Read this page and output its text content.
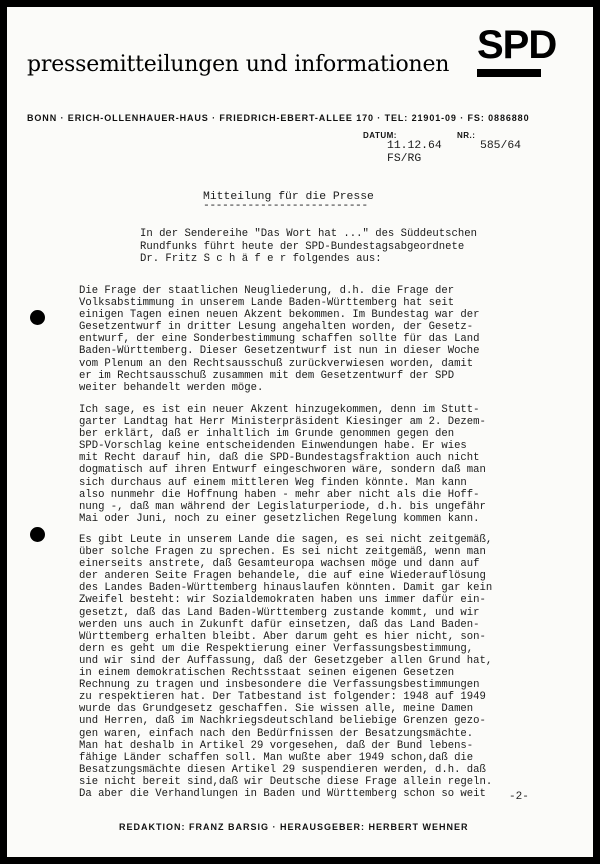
pressemitteilungen und informationen SPD
BONN · ERICH-OLLENHAUER-HAUS · FRIEDRICH-EBERT-ALLEE 170 · TEL: 21901-09 · FS: 0886880
DATUM:
11.12.64
NR.:
585/64
FS/RG
Mitteilung für die Presse
--------------------------
In der Sendereihe "Das Wort hat ..." des Süddeutschen
Rundfunks führt heute der SPD-Bundestagsabgeordnete
Dr. Fritz S c h ä f e r folgendes aus:
Die Frage der staatlichen Neugliederung, d.h. die Frage der
Volksabstimmung in unserem Lande Baden-Württemberg hat seit
einigen Tagen einen neuen Akzent bekommen. Im Bundestag war der
Gesetzentwurf in dritter Lesung angehalten worden, der Gesetz-
entwurf, der eine Sonderbestimmung schaffen sollte für das Land
Baden-Württemberg. Dieser Gesetzentwurf ist nun in dieser Woche
vom Plenum an den Rechtsausschuß zurückverwiesen worden, damit
er im Rechtsausschuß zusammen mit dem Gesetzentwurf der SPD
weiter behandelt werden möge.
Ich sage, es ist ein neuer Akzent hinzugekommen, denn im Stutt-
garter Landtag hat Herr Ministerpräsident Kiesinger am 2. Dezem-
ber erklärt, daß er inhaltlich im Grunde genommen gegen den
SPD-Vorschlag keine entscheidenden Einwendungen habe. Er wies
mit Recht darauf hin, daß die SPD-Bundestagsfraktion auch nicht
dogmatisch auf ihren Entwurf eingeschworen wäre, sondern daß man
sich durchaus auf einem mittleren Weg finden könnte. Man kann
also nunmehr die Hoffnung haben - mehr aber nicht als die Hoff-
nung -, daß man während der Legislaturperiode, d.h. bis ungefähr
Mai oder Juni, noch zu einer gesetzlichen Regelung kommen kann.
Es gibt Leute in unserem Lande die sagen, es sei nicht zeitgemäß,
über solche Fragen zu sprechen. Es sei nicht zeitgemäß, wenn man
einerseits anstrete, daß Gesamteuropa wachsen möge und dann auf
der anderen Seite Fragen behandele, die auf eine Wiederauflösung
des Landes Baden-Württemberg hinauslaufen könnten. Damit gar kein
Zweifel besteht: wir Sozialdemokraten haben uns immer dafür ein-
gesetzt, daß das Land Baden-Württemberg zustande kommt, und wir
werden uns auch in Zukunft dafür einsetzen, daß das Land Baden-
Württemberg erhalten bleibt. Aber darum geht es hier nicht, son-
dern es geht um die Respektierung einer Verfassungsbestimmung,
und wir sind der Auffassung, daß der Gesetzgeber allen Grund hat,
in einem demokratischen Rechtsstaat seinen eigenen Gesetzen
Rechnung zu tragen und insbesondere die Verfassungsbestimmungen
zu respektieren hat. Der Tatbestand ist folgender: 1948 auf 1949
wurde das Grundgesetz geschaffen. Sie wissen alle, meine Damen
und Herren, daß im Nachkriegsdeutschland beliebige Grenzen gezo-
gen waren, einfach nach den Bedürfnissen der Besatzungsmächte.
Man hat deshalb in Artikel 29 vorgesehen, daß der Bund lebens-
fähige Länder schaffen soll. Man wußte aber 1949 schon,daß die
Besatzungsmächte diesen Artikel 29 suspendieren werden, d.h. daß
sie nicht bereit sind,daß wir Deutsche diese Frage allein regeln.
Da aber die Verhandlungen in Baden und Württemberg schon so weit	-2-
REDAKTION: FRANZ BARSIG · HERAUSGEBER: HERBERT WEHNER
